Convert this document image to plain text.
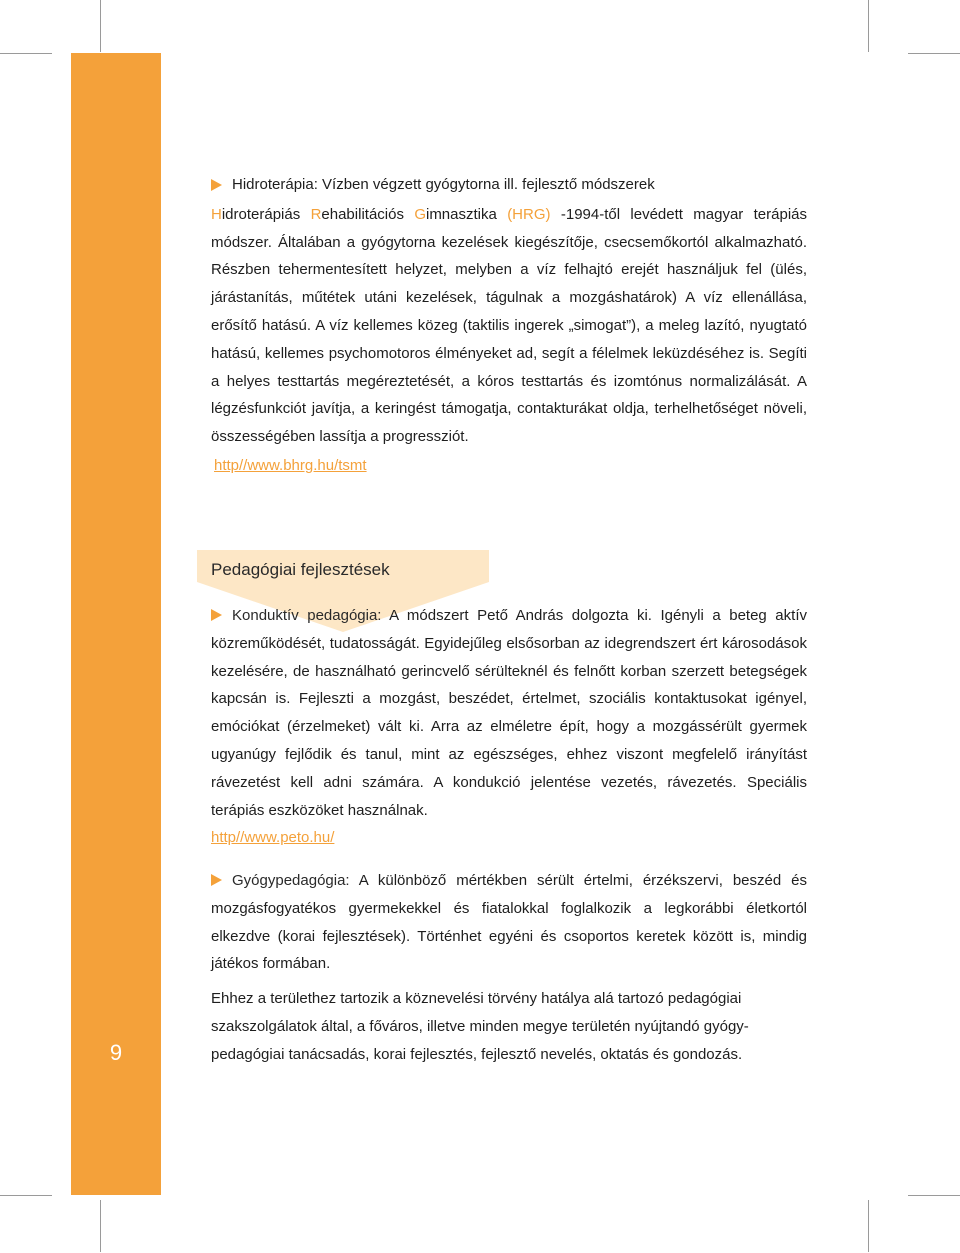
9
Pedagógiai fejlesztések
Hidroterápia: Vízben végzett gyógytorna ill. fejlesztő módszerek

Hidroterápiás Rehabilitációs Gimnasztika (HRG) -1994-től levédett magyar terápiás módszer. Általában a gyógytorna kezelések kiegészítője, csecsemőkortól alkalmazható. Részben tehermentesített helyzet, melyben a víz felhajtó erejét használjuk fel (ülés, járástanítás, műtétek utáni kezelések, tágulnak a mozgáshatárok) A víz ellenállása, erősítő hatású. A víz kellemes közeg (taktilis ingerek „simogat”), a meleg lazító, nyugtató hatású, kellemes psychomotoros élményeket ad, segít a félelmek leküzdéséhez is. Segíti a helyes testtartás megéreztetését, a kóros testtartás és izomtónus normalizálását. A légzésfunkciót javítja, a keringést támogatja, contakturákat oldja, terhelhetőséget növeli, összességében lassítja a progressziót.

http//www.bhrg.hu/tsmt

Konduktív pedagógia: A módszert Pető András dolgozta ki. Igényli a beteg aktív közreműködését, tudatosságát. Egyidejűleg elsősorban az idegrendszert ért károsodások kezelésére, de használható gerincvelő sérülteknél és felnőtt korban szerzett betegségek kapcsán is. Fejleszti a mozgást, beszédet, értelmet, szociális kontaktusokat igényel, emóciókat (érzelmeket) vált ki. Arra az elméletre épít, hogy a mozgássérült gyermek ugyanúgy fejlődik és tanul, mint az egészséges, ehhez viszont megfelelő irányítást rávezetést kell adni számára. A kondukció jelentése vezetés, rávezetés. Speciális terápiás eszközöket használnak.

http//www.peto.hu/

Gyógypedagógia: A különböző mértékben sérült értelmi, érzékszervi, beszéd és mozgásfogyatékos gyermekekkel és fiatalokkal foglalkozik a legkorábbi életkortól elkezdve (korai fejlesztések). Történhet egyéni és csoportos keretek között is, mindig játékos formában.

Ehhez a területhez tartozik a köznevelési törvény hatálya alá tartozó pedagógiai szakszolgálatok által, a főváros, illetve minden megye területén nyújtandó gyógy-pedagógiai tanácsadás, korai fejlesztés, fejlesztő nevelés, oktatás és gondozás.
